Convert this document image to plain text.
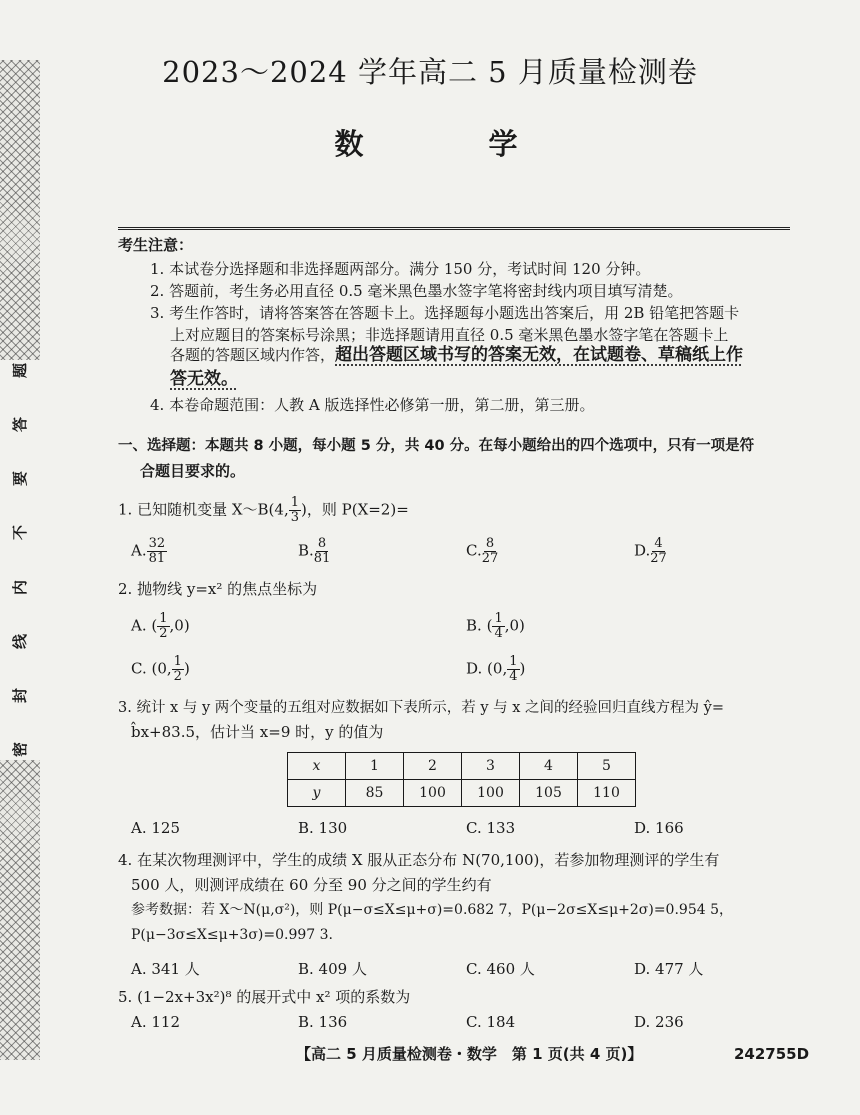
题
答
要
不
内
线
封
密
2023～2024 学年高二 5 月质量检测卷
数　学
考生注意：
1. 本试卷分选择题和非选择题两部分。满分 150 分，考试时间 120 分钟。
2. 答题前，考生务必用直径 0.5 毫米黑色墨水签字笔将密封线内项目填写清楚。
3. 考生作答时，请将答案答在答题卡上。选择题每小题选出答案后，用 2B 铅笔把答题卡
上对应题目的答案标号涂黑；非选择题请用直径 0.5 毫米黑色墨水签字笔在答题卡上
各题的答题区域内作答，超出答题区域书写的答案无效，在试题卷、草稿纸上作
答无效。
4. 本卷命题范围：人教 A 版选择性必修第一册，第二册，第三册。
一、选择题：本题共 8 小题，每小题 5 分，共 40 分。在每小题给出的四个选项中，只有一项是符
合题目要求的。
1. 已知随机变量 X～B(4, $\frac{1}{3}$ )，则 P(X=2)=
A. $\frac{32}{81}$	B. $\frac{8}{81}$	C. $\frac{8}{27}$	D. $\frac{4}{27}$
2. 抛物线 y=x² 的焦点坐标为
A. ( $\frac{1}{2} ,0$)	B. ( $\frac{1}{4} ,0$)
C. (0, $\frac{1}{2}$ )	D. (0, $\frac{1}{4}$ )
3. 统计 x 与 y 两个变量的五组对应数据如下表所示，若 y 与 x 之间的经验回归直线方程为 ŷ=
b̂x+83.5，估计当 x=9 时，y 的值为
x	1	2	3	4	5
y	85	100	100	105	110
A. 125	B. 130	C. 133	D. 166
4. 在某次物理测评中，学生的成绩 X 服从正态分布 N(70,100)，若参加物理测评的学生有
500 人，则测评成绩在 60 分至 90 分之间的学生约有
参考数据：若 X～N(μ,σ²)，则 P(μ−σ≤X≤μ+σ)=0.682 7，P(μ−2σ≤X≤μ+2σ)=0.954 5，
P(μ−3σ≤X≤μ+3σ)=0.997 3.
A. 341 人	B. 409 人	C. 460 人	D. 477 人
5. (1−2x+3x²)⁸ 的展开式中 x² 项的系数为
A. 112	B. 136	C. 184	D. 236
【高二 5 月质量检测卷・数学　第 1 页(共 4 页)】	242755D
